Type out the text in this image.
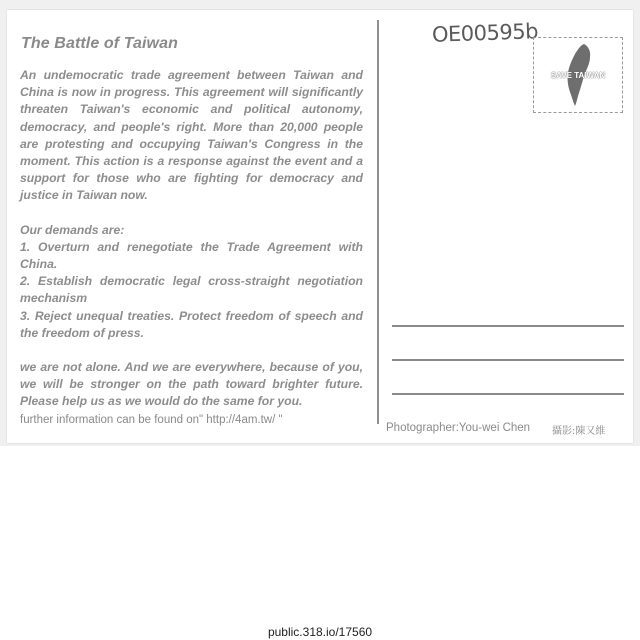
The Battle of Taiwan

An undemocratic trade agreement between Taiwan and China is now in progress. This agreement will significantly threaten Taiwan's economic and political autonomy, democracy, and people's right. More than 20,000 people are protesting and occupying Taiwan's Congress in the moment. This action is a response against the event and a support for those who are fighting for democracy and justice in Taiwan now.

Our demands are:

1. Overturn and renegotiate the Trade Agreement with China.

2. Establish democratic legal cross-straight negotiation mechanism

3. Reject unequal treaties. Protect freedom of speech and the freedom of press.

we are not alone. And we are everywhere, because of you, we will be stronger on the path toward brighter future. Please help us as we would do the same for you.

OE00595b
SAVE TAIWAN
further information can be found on" http://4am.tw/ "
Photographer:You-wei Chen 攝影:陳又維
public.318.io/17560
